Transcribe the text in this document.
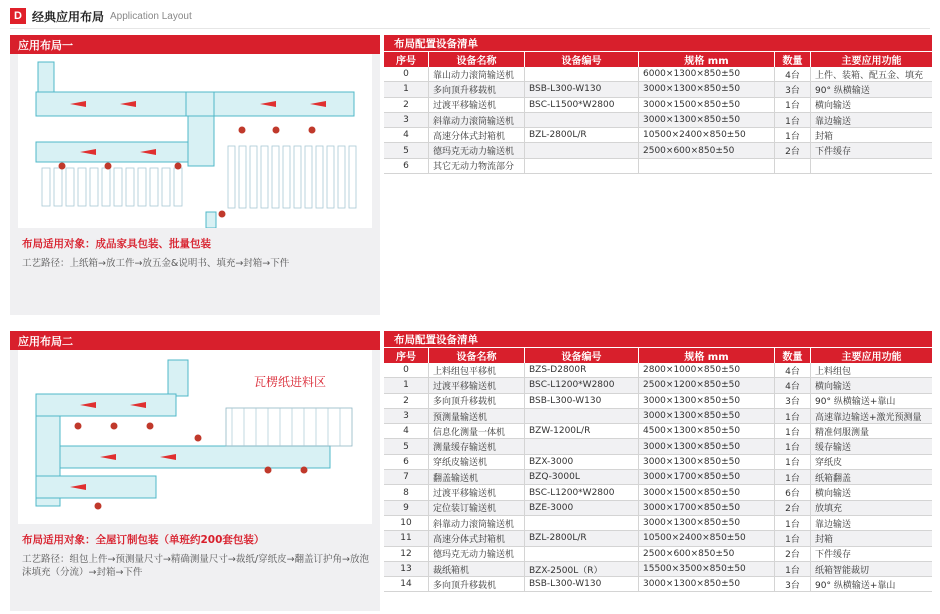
D 经典应用布局 Application Layout
应用布局一
布局适用对象：成品家具包装、批量包装
工艺路径：上纸箱→放工件→放五金&说明书、填充→封箱→下件
布局配置设备清单
序号	设备名称	设备编号	规格 mm	数量	主要应用功能
0	靠山动力滚筒输送机		6000×1300×850±50	4台	上件、装箱、配五金、填充
1	多向顶升移载机	BSB-L300-W130	3000×1300×850±50	3台	90° 纵横输送
2	过渡平移输送机	BSC-L1500*W2800	3000×1500×850±50	1台	横向输送
3	斜靠动力滚筒输送机		3000×1300×850±50	1台	靠边输送
4	高速分体式封箱机	BZL-2800L/R	10500×2400×850±50	1台	封箱
5	德玛克无动力输送机		2500×600×850±50	2台	下件缓存
6	其它无动力物流部分				
应用布局二
瓦楞纸进料区
布局适用对象：全屋订制包装（单班约200套包装）
工艺路径：组包上件→预测量尺寸→精确测量尺寸→裁纸/穿纸皮→翻盖订护角→放泡沫填充（分流）→封箱→下件
布局配置设备清单
序号	设备名称	设备编号	规格 mm	数量	主要应用功能
0	上料组包平移机	BZS-D2800R	2800×1000×850±50	4台	上料组包
1	过渡平移输送机	BSC-L1200*W2800	2500×1200×850±50	4台	横向输送
2	多向顶升移载机	BSB-L300-W130	3000×1300×850±50	3台	90° 纵横输送+靠山
3	预测量输送机		3000×1300×850±50	1台	高速靠边输送+激光预测量
4	信息化测量一体机	BZW-1200L/R	4500×1300×850±50	1台	精准伺服测量
5	测量缓存输送机		3000×1300×850±50	1台	缓存输送
6	穿纸皮输送机	BZX-3000	3000×1300×850±50	1台	穿纸皮
7	翻盖输送机	BZQ-3000L	3000×1700×850±50	1台	纸箱翻盖
8	过渡平移输送机	BSC-L1200*W2800	3000×1500×850±50	6台	横向输送
9	定位装订输送机	BZE-3000	3000×1700×850±50	2台	放填充
10	斜靠动力滚筒输送机		3000×1300×850±50	1台	靠边输送
11	高速分体式封箱机	BZL-2800L/R	10500×2400×850±50	1台	封箱
12	德玛克无动力输送机		2500×600×850±50	2台	下件缓存
13	裁纸箱机	BZX-2500L（R）	15500×3500×850±50	1台	纸箱智能裁切
14	多向顶升移载机	BSB-L300-W130	3000×1300×850±50	3台	90° 纵横输送+靠山
